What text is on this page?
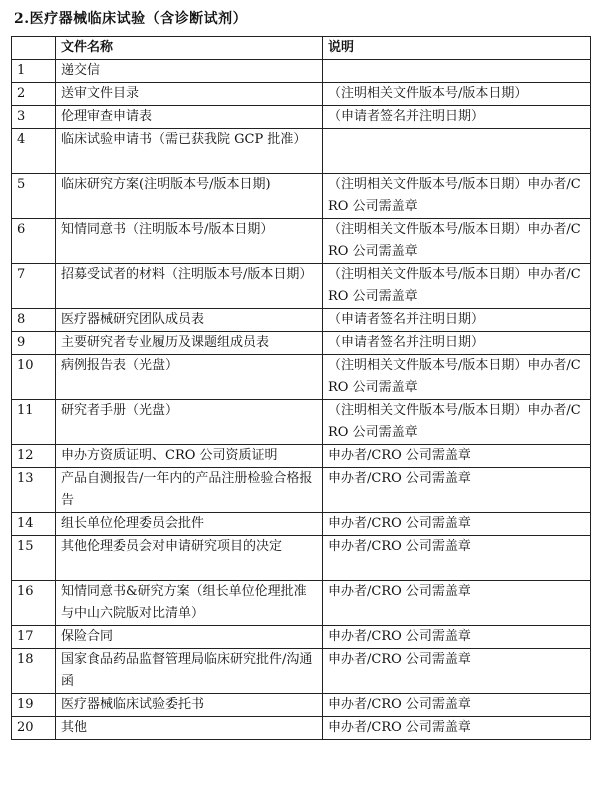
2.医疗器械临床试验（含诊断试剂）
	文件名称	说明
1	递交信	
2	送审文件目录	（注明相关文件版本号/版本日期）
3	伦理审查申请表	（申请者签名并注明日期）
4	临床试验申请书（需已获我院 GCP 批准）	
5	临床研究方案(注明版本号/版本日期)	（注明相关文件版本号/版本日期）申办者/CRO 公司需盖章
6	知情同意书（注明版本号/版本日期）	（注明相关文件版本号/版本日期）申办者/CRO 公司需盖章
7	招募受试者的材料（注明版本号/版本日期）	（注明相关文件版本号/版本日期）申办者/CRO 公司需盖章
8	医疗器械研究团队成员表	（申请者签名并注明日期）
9	主要研究者专业履历及课题组成员表	（申请者签名并注明日期）
10	病例报告表（光盘）	（注明相关文件版本号/版本日期）申办者/CRO 公司需盖章
11	研究者手册（光盘）	（注明相关文件版本号/版本日期）申办者/CRO 公司需盖章
12	申办方资质证明、CRO 公司资质证明	申办者/CRO 公司需盖章
13	产品自测报告/一年内的产品注册检验合格报告	申办者/CRO 公司需盖章
14	组长单位伦理委员会批件	申办者/CRO 公司需盖章
15	其他伦理委员会对申请研究项目的决定	申办者/CRO 公司需盖章
16	知情同意书&研究方案（组长单位伦理批准与中山六院版对比清单）	申办者/CRO 公司需盖章
17	保险合同	申办者/CRO 公司需盖章
18	国家食品药品监督管理局临床研究批件/沟通函	申办者/CRO 公司需盖章
19	医疗器械临床试验委托书	申办者/CRO 公司需盖章
20	其他	申办者/CRO 公司需盖章
